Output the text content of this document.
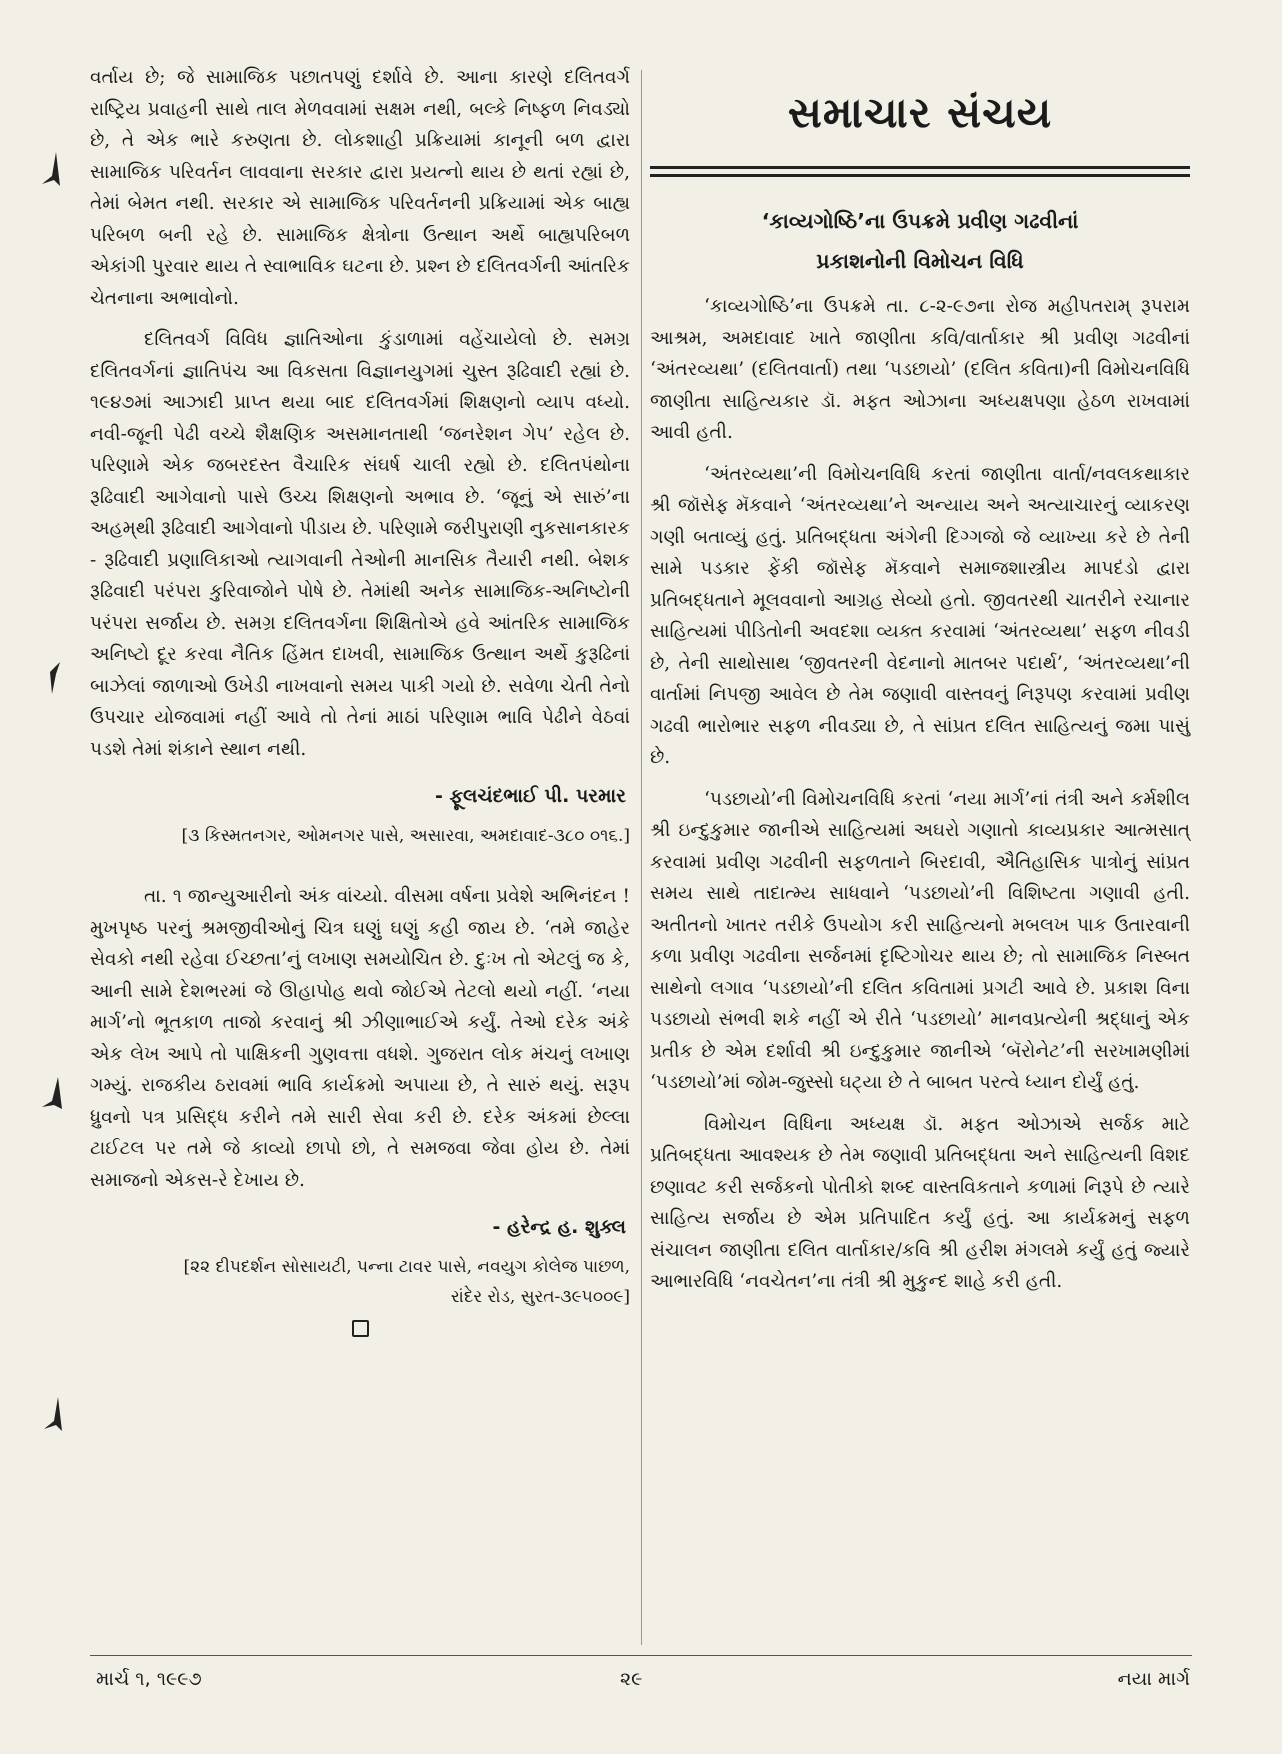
વર્તાય છે; જે સામાજિક પછાતપણું દર્શાવે છે. આના કારણે દલિતવર્ગ રાષ્ટ્રિય પ્રવાહની સાથે તાલ મેળવવામાં સક્ષમ નથી, બલ્કે નિષ્ફળ નિવડ્યો છે, તે એક ભારે કરુણતા છે. લોકશાહી પ્રક્રિયામાં કાનૂની બળ દ્વારા સામાજિક પરિવર્તન લાવવાના સરકાર દ્વારા પ્રયત્નો થાય છે થતાં રહ્યાં છે, તેમાં બેમત નથી. સરકાર એ સામાજિક પરિવર્તનની પ્રક્રિયામાં એક બાહ્ય પરિબળ બની રહે છે. સામાજિક ક્ષેત્રોના ઉત્થાન અર્થે બાહ્યપરિબળ એકાંગી પુરવાર થાય તે સ્વાભાવિક ઘટના છે. પ્રશ્ન છે દલિતવર્ગની આંતરિક ચેતનાના અભાવોનો.

દલિતવર્ગ વિવિધ જ્ઞાતિઓના કુંડાળામાં વહેંચાયેલો છે. સમગ્ર દલિતવર્ગનાં જ્ઞાતિપંચ આ વિકસતા વિજ્ઞાનયુગમાં ચુસ્ત રૂઢિવાદી રહ્યાં છે. ૧૯૪૭માં આઝાદી પ્રાપ્ત થયા બાદ દલિતવર્ગમાં શિક્ષણનો વ્યાપ વધ્યો. નવી-જૂની પેઢી વચ્ચે શૈક્ષણિક અસમાનતાથી ‘જનરેશન ગેપ’ રહેલ છે. પરિણામે એક જબરદસ્ત વૈચારિક સંઘર્ષ ચાલી રહ્યો છે. દલિતપંથોના રૂઢિવાદી આગેવાનો પાસે ઉચ્ચ શિક્ષણનો અભાવ છે. ‘જૂનું એ સારું’ના અહમ્‌થી રૂઢિવાદી આગેવાનો પીડાય છે. પરિણામે જરીપુરાણી નુકસાનકારક - રૂઢિવાદી પ્રણાલિકાઓ ત્યાગવાની તેઓની માનસિક તૈયારી નથી. બેશક રૂઢિવાદી પરંપરા કુરિવાજોને પોષે છે. તેમાંથી અનેક સામાજિક-અનિષ્ટોની પરંપરા સર્જાય છે. સમગ્ર દલિતવર્ગના શિક્ષિતોએ હવે આંતરિક સામાજિક અનિષ્ટો દૂર કરવા નૈતિક હિંમત દાખવી, સામાજિક ઉત્થાન અર્થે કુરૂઢિનાં બાઝેલાં જાળાઓ ઉખેડી નાખવાનો સમય પાકી ગયો છે. સવેળા ચેતી તેનો ઉપચાર યોજવામાં નહીં આવે તો તેનાં માઠાં પરિણામ ભાવિ પેઢીને વેઠવાં પડશે તેમાં શંકાને સ્થાન નથી.

- ફૂલચંદભાઈ પી. પરમાર
[૩ કિસ્મતનગર, ઓમનગર પાસે, અસારવા, અમદાવાદ-૩૮૦ ૦૧૬.]

તા. ૧ જાન્યુઆરીનો અંક વાંચ્યો. વીસમા વર્ષના પ્રવેશે અભિનંદન ! મુખપૃષ્ઠ પરનું શ્રમજીવીઓનું ચિત્ર ઘણું ઘણું કહી જાય છે. ‘તમે જાહેર સેવકો નથી રહેવા ઈચ્છતા’નું લખાણ સમયોચિત છે. દુઃખ તો એટલું જ કે, આની સામે દેશભરમાં જે ઊહાપોહ થવો જોઈએ તેટલો થયો નહીં. ‘નયા માર્ગ’નો ભૂતકાળ તાજો કરવાનું શ્રી ઝીણાભાઈએ કર્યું. તેઓ દરેક અંકે એક લેખ આપે તો પાક્ષિકની ગુણવત્તા વધશે. ગુજરાત લોક મંચનું લખાણ ગમ્યું. રાજકીય ઠરાવમાં ભાવિ કાર્યક્રમો અપાયા છે, તે સારું થયું. સરૂપ ધ્રુવનો પત્ર પ્રસિદ્ધ કરીને તમે સારી સેવા કરી છે. દરેક અંકમાં છેલ્લા ટાઈટલ પર તમે જે કાવ્યો છાપો છો, તે સમજવા જેવા હોય છે. તેમાં સમાજનો એકસ-રે દેખાય છે.

- હરેન્દ્ર હ. શુક્લ
[૨૨ દીપદર્શન સોસાયટી, પન્ના ટાવર પાસે, નવયુગ કોલેજ પાછળ, રાંદેર રોડ, સુરત-૩૯૫૦૦૯]
સમાચાર સંચય
‘કાવ્યગોષ્ઠિ’ના ઉપક્રમે પ્રવીણ ગઢવીનાં
પ્રકાશનોની વિમોચન વિધિ

‘કાવ્યગોષ્ઠિ’ના ઉપક્રમે તા. ૮-૨-૯૭ના રોજ મહીપતરામ્‌ રૂપરામ આશ્રમ, અમદાવાદ ખાતે જાણીતા કવિ/વાર્તાકાર શ્રી પ્રવીણ ગઢવીનાં ‘અંતરવ્યથા’ (દલિતવાર્તા) તથા ‘પડછાયો’ (દલિત કવિતા)ની વિમોચનવિધિ જાણીતા સાહિત્યકાર ડૉ. મફત ઓઝાના અધ્યક્ષપણા હેઠળ રાખવામાં આવી હતી.

‘અંતરવ્યથા’ની વિમોચનવિધિ કરતાં જાણીતા વાર્તા/નવલકથાકાર શ્રી જૉસેફ મૅકવાને ‘અંતરવ્યથા’ને અન્યાય અને અત્યાચારનું વ્યાકરણ ગણી બતાવ્યું હતું. પ્રતિબદ્ધતા અંગેની દિગ્ગજો જે વ્યાખ્યા કરે છે તેની સામે પડકાર ફેંકી જૉસેફ મૅકવાને સમાજશાસ્ત્રીય માપદંડો દ્વારા પ્રતિબદ્ધતાને મૂલવવાનો આગ્રહ સેવ્યો હતો. જીવતરથી ચાતરીને રચાનાર સાહિત્યમાં પીડિતોની અવદશા વ્યક્ત કરવામાં ‘અંતરવ્યથા’ સફળ નીવડી છે, તેની સાથોસાથ ‘જીવતરની વેદનાનો માતબર પદાર્થ’, ‘અંતરવ્યથા’ની વાર્તામાં નિપજી આવેલ છે તેમ જણાવી વાસ્તવનું નિરૂપણ કરવામાં પ્રવીણ ગઢવી ભારોભાર સફળ નીવડ્યા છે, તે સાંપ્રત દલિત સાહિત્યનું જમા પાસું છે.

‘પડછાયો’ની વિમોચનવિધિ કરતાં ‘નયા માર્ગ’નાં તંત્રી અને કર્મશીલ શ્રી ઇન્દુકુમાર જાનીએ સાહિત્યમાં અઘરો ગણાતો કાવ્યપ્રકાર આત્મસાત્‌ કરવામાં પ્રવીણ ગઢવીની સફળતાને બિરદાવી, ઐતિહાસિક પાત્રોનું સાંપ્રત સમય સાથે તાદાત્મ્ય સાધવાને ‘પડછાયો’ની વિશિષ્ટતા ગણાવી હતી. અતીતનો ખાતર તરીકે ઉપયોગ કરી સાહિત્યનો મબલખ પાક ઉતારવાની કળા પ્રવીણ ગઢવીના સર્જનમાં દૃષ્ટિગોચર થાય છે; તો સામાજિક નિસ્બત સાથેનો લગાવ ‘પડછાયો’ની દલિત કવિતામાં પ્રગટી આવે છે. પ્રકાશ વિના પડછાયો સંભવી શકે નહીં એ રીતે ‘પડછાયો’ માનવપ્રત્યેની શ્રદ્ધાનું એક પ્રતીક છે એમ દર્શાવી શ્રી ઇન્દુકુમાર જાનીએ ‘બૅરોનેટ’ની સરખામણીમાં ‘પડછાયો’માં જોમ-જુસ્સો ઘટ્યા છે તે બાબત પરત્વે ધ્યાન દોર્યું હતું.

વિમોચન વિધિના અધ્યક્ષ ડૉ. મફત ઓઝાએ સર્જક માટે પ્રતિબદ્ધતા આવશ્યક છે તેમ જણાવી પ્રતિબદ્ધતા અને સાહિત્યની વિશદ છણાવટ કરી સર્જકનો પોતીકો શબ્દ વાસ્તવિકતાને કળામાં નિરૂપે છે ત્યારે સાહિત્ય સર્જાય છે એમ પ્રતિપાદિત કર્યું હતું. આ કાર્યક્રમનું સફળ સંચાલન જાણીતા દલિત વાર્તાકાર/કવિ શ્રી હરીશ મંગલમે કર્યું હતું જ્યારે આભારવિધિ ‘નવચેતન’ના તંત્રી શ્રી મુકુન્દ શાહે કરી હતી.

માર્ચ ૧, ૧૯૯૭	૨૯	નયા માર્ગ
